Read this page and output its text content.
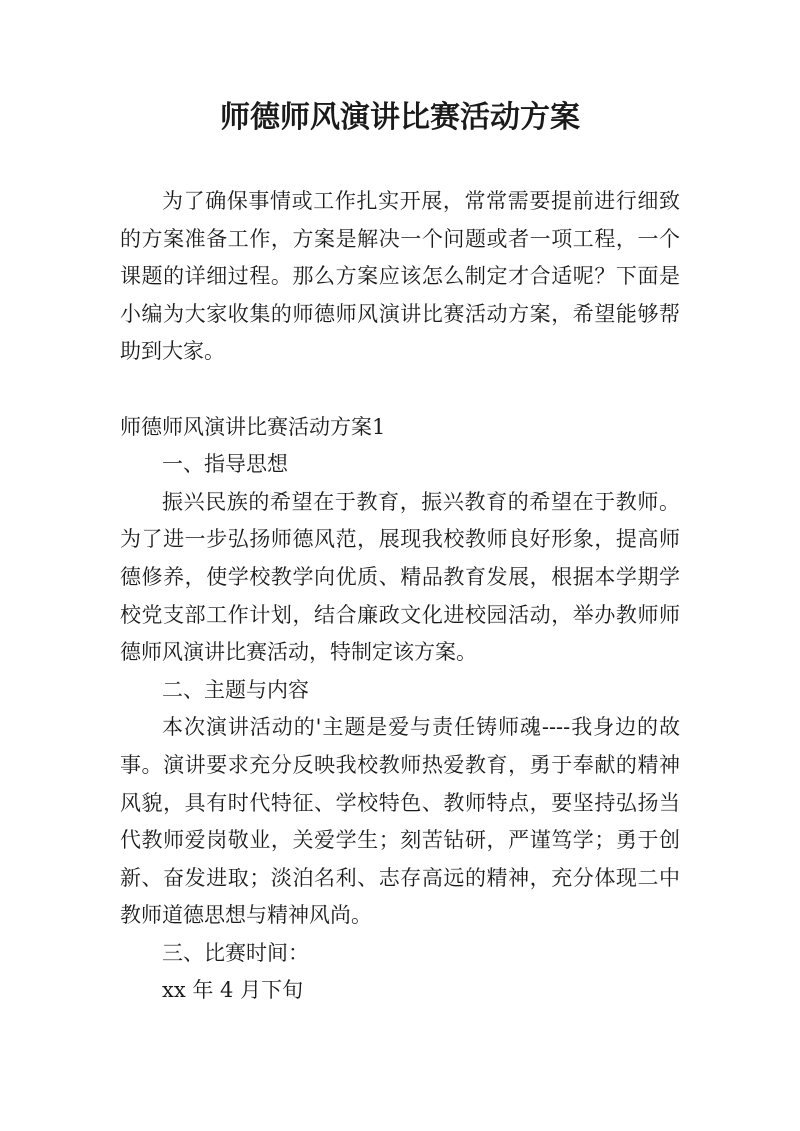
师德师风演讲比赛活动方案

为了确保事情或工作扎实开展，常常需要提前进行细致的方案准备工作，方案是解决一个问题或者一项工程，一个课题的详细过程。那么方案应该怎么制定才合适呢？下面是小编为大家收集的师德师风演讲比赛活动方案，希望能够帮助到大家。

师德师风演讲比赛活动方案1

一、指导思想

振兴民族的希望在于教育，振兴教育的希望在于教师。为了进一步弘扬师德风范，展现我校教师良好形象，提高师德修养，使学校教学向优质、精品教育发展，根据本学期学校党支部工作计划，结合廉政文化进校园活动，举办教师师德师风演讲比赛活动，特制定该方案。

二、主题与内容

本次演讲活动的'主题是爱与责任铸师魂----我身边的故事。演讲要求充分反映我校教师热爱教育，勇于奉献的精神风貌，具有时代特征、学校特色、教师特点，要坚持弘扬当代教师爱岗敬业，关爱学生；刻苦钻研，严谨笃学；勇于创新、奋发进取；淡泊名利、志存高远的精神，充分体现二中教师道德思想与精神风尚。

三、比赛时间：

xx 年 4 月下旬
